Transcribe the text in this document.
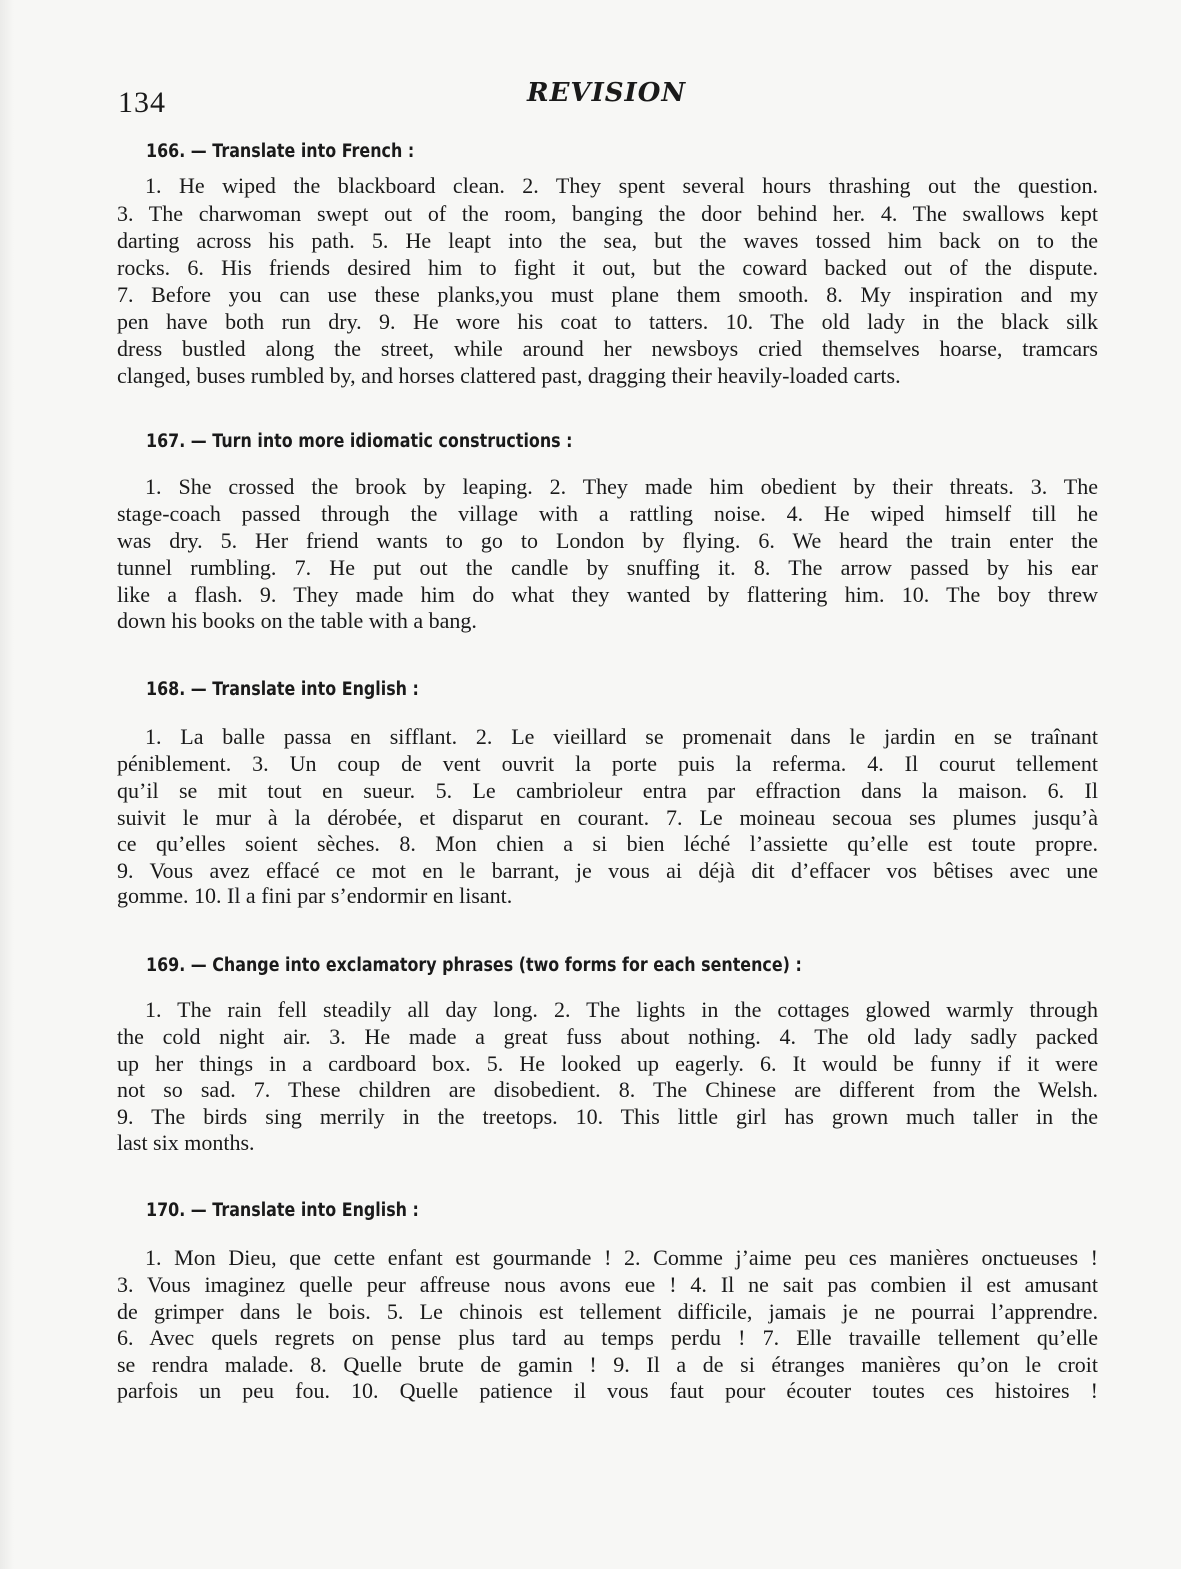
134	REVISION
166. — Translate into French :
1. He wiped the blackboard clean. 2. They spent several hours thrashing out the question.
3. The charwoman swept out of the room, banging the door behind her. 4. The swallows kept
darting across his path. 5. He leapt into the sea, but the waves tossed him back on to the
rocks. 6. His friends desired him to fight it out, but the coward backed out of the dispute.
7. Before you can use these planks,you must plane them smooth. 8. My inspiration and my
pen have both run dry. 9. He wore his coat to tatters. 10. The old lady in the black silk
dress bustled along the street, while around her newsboys cried themselves hoarse, tramcars
clanged, buses rumbled by, and horses clattered past, dragging their heavily-loaded carts.
167. — Turn into more idiomatic constructions :
1. She crossed the brook by leaping. 2. They made him obedient by their threats. 3. The
stage-coach passed through the village with a rattling noise. 4. He wiped himself till he
was dry. 5. Her friend wants to go to London by flying. 6. We heard the train enter the
tunnel rumbling. 7. He put out the candle by snuffing it. 8. The arrow passed by his ear
like a flash. 9. They made him do what they wanted by flattering him. 10. The boy threw
down his books on the table with a bang.
168. — Translate into English :
1. La balle passa en sifflant. 2. Le vieillard se promenait dans le jardin en se traînant
péniblement. 3. Un coup de vent ouvrit la porte puis la referma. 4. Il courut tellement
qu’il se mit tout en sueur. 5. Le cambrioleur entra par effraction dans la maison. 6. Il
suivit le mur à la dérobée, et disparut en courant. 7. Le moineau secoua ses plumes jusqu’à
ce qu’elles soient sèches. 8. Mon chien a si bien léché l’assiette qu’elle est toute propre.
9. Vous avez effacé ce mot en le barrant, je vous ai déjà dit d’effacer vos bêtises avec une
gomme. 10. Il a fini par s’endormir en lisant.
169. — Change into exclamatory phrases (two forms for each sentence) :
1. The rain fell steadily all day long. 2. The lights in the cottages glowed warmly through
the cold night air. 3. He made a great fuss about nothing. 4. The old lady sadly packed
up her things in a cardboard box. 5. He looked up eagerly. 6. It would be funny if it were
not so sad. 7. These children are disobedient. 8. The Chinese are different from the Welsh.
9. The birds sing merrily in the treetops. 10. This little girl has grown much taller in the
last six months.
170. — Translate into English :
1. Mon Dieu, que cette enfant est gourmande ! 2. Comme j’aime peu ces manières onctueuses !
3. Vous imaginez quelle peur affreuse nous avons eue ! 4. Il ne sait pas combien il est amusant
de grimper dans le bois. 5. Le chinois est tellement difficile, jamais je ne pourrai l’apprendre.
6. Avec quels regrets on pense plus tard au temps perdu ! 7. Elle travaille tellement qu’elle
se rendra malade. 8. Quelle brute de gamin ! 9. Il a de si étranges manières qu’on le croit
parfois un peu fou. 10. Quelle patience il vous faut pour écouter toutes ces histoires !
